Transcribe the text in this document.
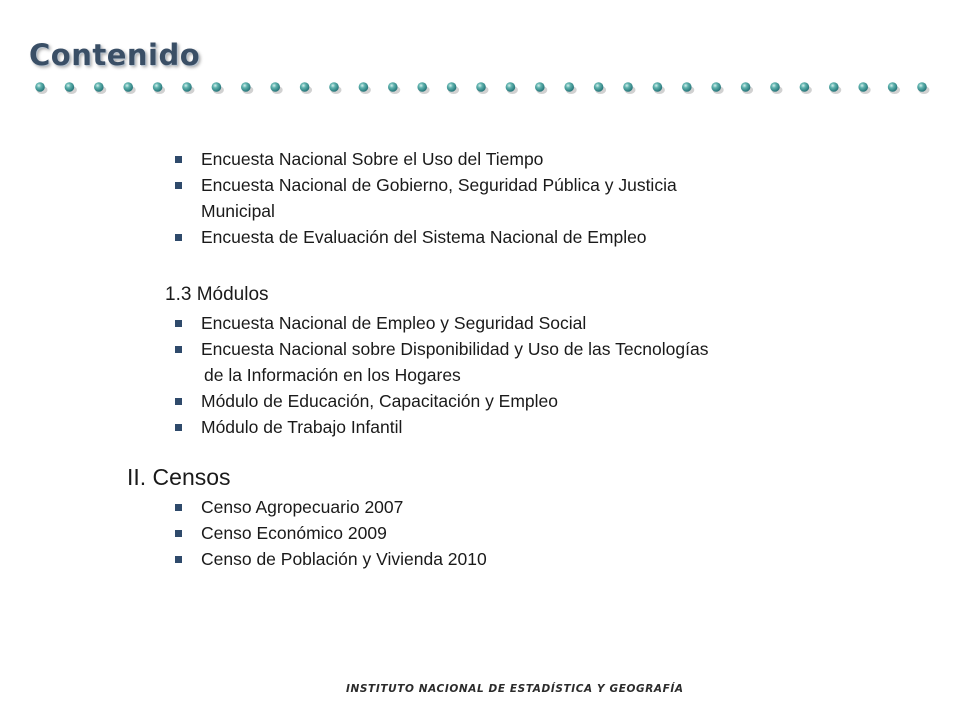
Contenido
Encuesta Nacional Sobre el Uso del Tiempo
Encuesta Nacional de Gobierno, Seguridad Pública y Justicia
Municipal
Encuesta de Evaluación del Sistema Nacional de Empleo
1.3 Módulos
Encuesta Nacional de Empleo y Seguridad Social
Encuesta Nacional sobre Disponibilidad y Uso de las Tecnologías
de la Información en los Hogares
Módulo de Educación, Capacitación y Empleo
Módulo de Trabajo Infantil
II. Censos
Censo Agropecuario 2007
Censo Económico 2009
Censo de Población y Vivienda 2010
INSTITUTO NACIONAL DE ESTADÍSTICA Y GEOGRAFÍA
